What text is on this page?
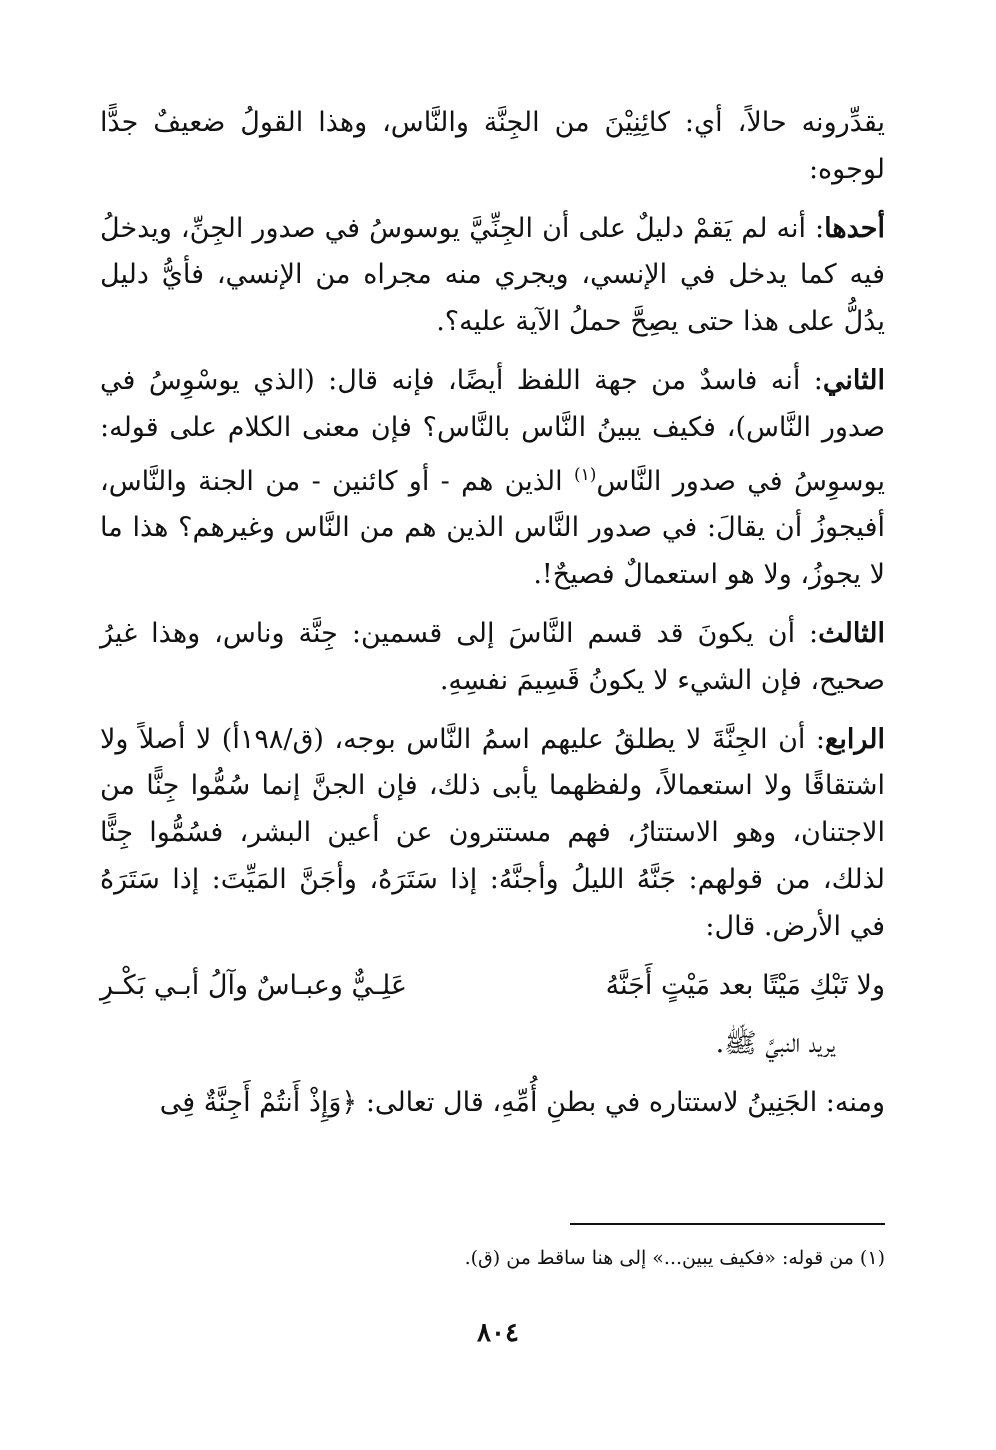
يقدِّرونه حالاً، أي: كائِنِيْنَ من الجِنَّة والنَّاس، وهذا القولُ ضعيفٌ جدًّا لوجوه:

أحدها: أنه لم يَقمْ دليلٌ على أن الجِنِّيَّ يوسوسُ في صدور الجِنِّ، ويدخلُ فيه كما يدخل في الإنسي، ويجري منه مجراه من الإنسي، فأيُّ دليل يدُلُّ على هذا حتى يصِحَّ حملُ الآية عليه؟.

الثاني: أنه فاسدٌ من جهة اللفظ أيضًا، فإنه قال: (الذي يوسْوِسُ في صدور النَّاس)، فكيف يبينُ النَّاس بالنَّاس؟ فإن معنى الكلام على قوله: يوسوِسُ في صدور النَّاس$^{(١)}$ الذين هم - أو كائنين - من الجنة والنَّاس، أفيجوزُ أن يقالَ: في صدور النَّاس الذين هم من النَّاس وغيرهم؟ هذا ما لا يجوزُ، ولا هو استعمالٌ فصيحٌ!.

الثالث: أن يكونَ قد قسم النَّاسَ إلى قسمين: جِنَّة وناس، وهذا غيرُ صحيح، فإن الشيء لا يكونُ قَسِيمَ نفسِهِ.

الرابع: أن الجِنَّةَ لا يطلقُ عليهم اسمُ النَّاس بوجه، (ق/١٩٨أ) لا أصلاً ولا اشتقاقًا ولا استعمالاً، ولفظهما يأبى ذلك، فإن الجنَّ إنما سُمُّوا جِنًّا من الاجتنان، وهو الاستتارُ، فهم مستترون عن أعين البشر، فسُمُّوا جِنًّا لذلك، من قولهم: جَنَّهُ الليلُ وأجنَّهُ: إذا سَتَرَهُ، وأجَنَّ المَيِّتَ: إذا سَتَرَهُ في الأرض. قال:

ولا تَبْكِ مَيْتًا بعد مَيْتٍ أَجَنَّهُ
عَلِـيٌّ وعبـاسٌ وآلُ أبـي بَكْـرِ

يريد النبيَّ ﷺ.

ومنه: الجَنِينُ لاستتاره في بطنِ أُمِّهِ، قال تعالى: ﴿وَإِذْ أَنتُمْ أَجِنَّةٌ فِى

(١) من قوله: «فكيف يبين...» إلى هنا ساقط من (ق).
٨٠٤
